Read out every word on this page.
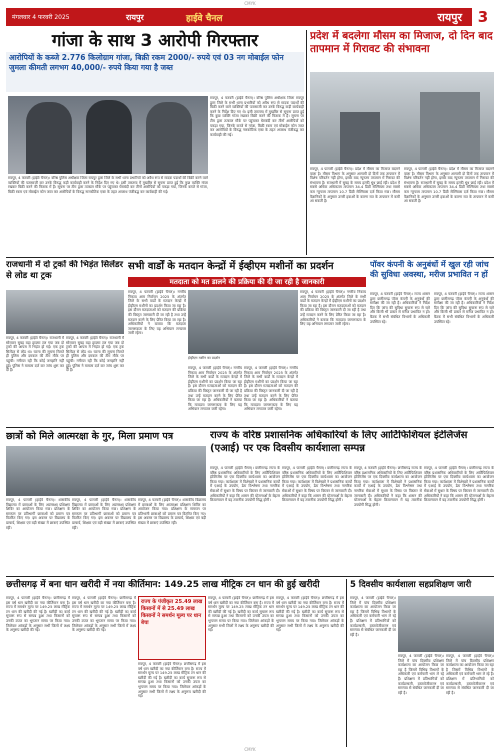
CMYK
मंगलवार 4 फरवरी 2025	रायपुर	हाईवे चैनल	रायपुर	3
गांजा के साथ 3 आरोपी गिरफ्तार
आरोपियों के कब्जे 2.776 किलोग्राम गांजा, बिक्री रकम 2000/- रुपये एवं 03 नग मोबाईल फोन जुमला कीमती लगभग 40,000/- रुपये किया गया है जब्त
रायपुर, 4 फरवरी (हाईवे चैनल)। वरिष्ठ पुलिस अधीक्षक जिला रायपुर द्वारा जिले के सभी थाना प्रभारियों को अवैध रूप से मादक पदार्थों की बिक्री करने वाले व्यक्तियों की पतासाजी कर उनके विरुद्ध कड़ी कार्यवाही करने के निर्देश दिए गए थे। इसी तारतम्य में मुखबिर से सूचना प्राप्त हुई कि कुछ व्यक्ति गांजा रखकर बिक्री करने की फिराक में हैं। सूचना पर टीम द्वारा तत्काल मौके पर पहुंचकर घेराबंदी कर तीनों आरोपियों को पकड़ा गया, जिनके कब्जे से गांजा, बिक्री रकम एवं मोबाईल फोन जब्त कर आरोपियों के विरुद्ध नारकोटिक एक्ट के तहत अपराध पंजीबद्ध कर कार्यवाही की गई।
रायपुर, 4 फरवरी (हाईवे चैनल)। वरिष्ठ पुलिस अधीक्षक जिला रायपुर द्वारा जिले के सभी थाना प्रभारियों को अवैध रूप से मादक पदार्थों की बिक्री करने वाले व्यक्तियों की पतासाजी कर उनके विरुद्ध कड़ी कार्यवाही करने के निर्देश दिए गए थे। इसी तारतम्य में मुखबिर से सूचना प्राप्त हुई कि कुछ व्यक्ति गांजा रखकर बिक्री करने की फिराक में हैं। सूचना पर टीम द्वारा तत्काल मौके पर पहुंचकर घेराबंदी कर तीनों आरोपियों को पकड़ा गया, जिनके कब्जे से गांजा, बिक्री रकम एवं मोबाईल फोन जब्त कर आरोपियों के विरुद्ध नारकोटिक एक्ट के तहत अपराध पंजीबद्ध कर कार्यवाही की गई।
प्रदेश में बदलेगा मौसम का मिजाज, दो दिन बाद तापमान में गिरावट की संभावना
रायपुर, 4 फरवरी (हाईवे चैनल)। प्रदेश में मौसम का मिजाज बदलने वाला है। मौसम विभाग के अनुसार आगामी दो दिनों तक तापमान में विशेष परिवर्तन नहीं होगा, इसके बाद न्यूनतम तापमान में गिरावट की संभावना है। राजधानी में सुबह के समय हल्की धुंध छाई रही। प्रदेश में सबसे अधिक अधिकतम तापमान 34.4 डिग्री सेल्सियस तथा सबसे कम न्यूनतम तापमान 10.7 डिग्री सेल्सियस दर्ज किया गया। मौसम वैज्ञानिकों के अनुसार उत्तरी हवाओं के कारण रात के तापमान में कमी आ सकती है।
रायपुर, 4 फरवरी (हाईवे चैनल)। प्रदेश में मौसम का मिजाज बदलने वाला है। मौसम विभाग के अनुसार आगामी दो दिनों तक तापमान में विशेष परिवर्तन नहीं होगा, इसके बाद न्यूनतम तापमान में गिरावट की संभावना है। राजधानी में सुबह के समय हल्की धुंध छाई रही। प्रदेश में सबसे अधिक अधिकतम तापमान 34.4 डिग्री सेल्सियस तथा सबसे कम न्यूनतम तापमान 10.7 डिग्री सेल्सियस दर्ज किया गया। मौसम वैज्ञानिकों के अनुसार उत्तरी हवाओं के कारण रात के तापमान में कमी आ सकती है।
राजधानी में दो ट्रकों की भिड़ंत सिलेंडर से लोड था ट्रक
रायपुर, 4 फरवरी (हाईवे चैनल)। राजधानी में सोमवार सुबह बड़ा हादसा टल गया जब दो ट्रकों की आपस में भिड़ंत हो गई। एक ट्रक सिलेंडर से लोड था। घटना की सूचना मिलते ही पुलिस और दमकल की टीम मौके पर पहुंची। गनीमत रही कि कोई जनहानि नहीं हुई। पुलिस ने मामला दर्ज कर जांच शुरू कर दी है।
रायपुर, 4 फरवरी (हाईवे चैनल)। राजधानी में सोमवार सुबह बड़ा हादसा टल गया जब दो ट्रकों की आपस में भिड़ंत हो गई। एक ट्रक सिलेंडर से लोड था। घटना की सूचना मिलते ही पुलिस और दमकल की टीम मौके पर पहुंची। गनीमत रही कि कोई जनहानि नहीं हुई। पुलिस ने मामला दर्ज कर जांच शुरू कर दी है।
सभी वार्डों के मतदान केन्द्रों में ईव्हीएम मशीनों का प्रदर्शन
मतदाता को मत डालने की प्रक्रिया की दी जा रही है जानकारी
रायपुर, 4 फरवरी (हाईवे चैनल)। नगरीय निकाय आम निर्वाचन 2025 के अंतर्गत जिले के सभी वार्डों के मतदान केन्द्रों में ईव्हीएम मशीनों का प्रदर्शन किया जा रहा है। इस दौरान मतदाताओं को मतदान की प्रक्रिया की विस्तृत जानकारी दी जा रही है तथा उन्हें मतदान करने के लिए प्रेरित किया जा रहा है। अधिकारियों ने बताया कि मतदाता जागरूकता के लिए यह अभियान लगातार जारी रहेगा।
ईव्हीएम मशीन का प्रदर्शन
रायपुर, 4 फरवरी (हाईवे चैनल)। नगरीय निकाय आम निर्वाचन 2025 के अंतर्गत जिले के सभी वार्डों के मतदान केन्द्रों में ईव्हीएम मशीनों का प्रदर्शन किया जा रहा है। इस दौरान मतदाताओं को मतदान की प्रक्रिया की विस्तृत जानकारी दी जा रही है तथा उन्हें मतदान करने के लिए प्रेरित किया जा रहा है। अधिकारियों ने बताया कि मतदाता जागरूकता के लिए यह अभियान लगातार जारी रहेगा।
रायपुर, 4 फरवरी (हाईवे चैनल)। नगरीय निकाय आम निर्वाचन 2025 के अंतर्गत जिले के सभी वार्डों के मतदान केन्द्रों में ईव्हीएम मशीनों का प्रदर्शन किया जा रहा है। इस दौरान मतदाताओं को मतदान की प्रक्रिया की विस्तृत जानकारी दी जा रही है तथा उन्हें मतदान करने के लिए प्रेरित किया जा रहा है। अधिकारियों ने बताया कि मतदाता जागरूकता के लिए यह अभियान लगातार जारी रहेगा।
रायपुर, 4 फरवरी (हाईवे चैनल)। नगरीय निकाय आम निर्वाचन 2025 के अंतर्गत जिले के सभी वार्डों के मतदान केन्द्रों में ईव्हीएम मशीनों का प्रदर्शन किया जा रहा है। इस दौरान मतदाताओं को मतदान की प्रक्रिया की विस्तृत जानकारी दी जा रही है तथा उन्हें मतदान करने के लिए प्रेरित किया जा रहा है। अधिकारियों ने बताया कि मतदाता जागरूकता के लिए यह अभियान लगातार जारी रहेगा।
पॉवर कंपनी के अनुबंधों में खुल रही जांच की सुविधा अवस्था, मरीज प्रभावित न हों
रायपुर, 4 फरवरी (हाईवे चैनल)। राज्य शासन द्वारा छत्तीसगढ़ पॉवर कंपनी के अनुबंधों की समीक्षा की जा रही है। अधिकारियों ने निर्देश दिए कि जांच की सुविधा सुचारू रूप से चले और किसी भी प्रकार से मरीज प्रभावित न हों। बैठक में सभी संबंधित विभागों के अधिकारी उपस्थित रहे।
रायपुर, 4 फरवरी (हाईवे चैनल)। राज्य शासन द्वारा छत्तीसगढ़ पॉवर कंपनी के अनुबंधों की समीक्षा की जा रही है। अधिकारियों ने निर्देश दिए कि जांच की सुविधा सुचारू रूप से चले और किसी भी प्रकार से मरीज प्रभावित न हों। बैठक में सभी संबंधित विभागों के अधिकारी उपस्थित रहे।
छात्रों को मिले आत्मरक्षा के गुर, मिला प्रमाण पत्र
रायपुर, 4 फरवरी (हाईवे चैनल)। शासकीय विद्यालय में छात्राओं के लिए आत्मरक्षा प्रशिक्षण शिविर का आयोजन किया गया। प्रशिक्षण के समापन पर प्रतिभागी छात्राओं को प्रमाण पत्र वितरित किए गए। इस अवसर पर विद्यालय के प्राचार्य, शिक्षक एवं बड़ी संख्या में छात्राएं उपस्थित रहीं।
रायपुर, 4 फरवरी (हाईवे चैनल)। शासकीय विद्यालय में छात्राओं के लिए आत्मरक्षा प्रशिक्षण शिविर का आयोजन किया गया। प्रशिक्षण के समापन पर प्रतिभागी छात्राओं को प्रमाण पत्र वितरित किए गए। इस अवसर पर विद्यालय के प्राचार्य, शिक्षक एवं बड़ी संख्या में छात्राएं उपस्थित रहीं।
रायपुर, 4 फरवरी (हाईवे चैनल)। शासकीय विद्यालय में छात्राओं के लिए आत्मरक्षा प्रशिक्षण शिविर का आयोजन किया गया। प्रशिक्षण के समापन पर प्रतिभागी छात्राओं को प्रमाण पत्र वितरित किए गए। इस अवसर पर विद्यालय के प्राचार्य, शिक्षक एवं बड़ी संख्या में छात्राएं उपस्थित रहीं।
राज्य के वरिष्ठ प्रशासनिक अधिकारियों के लिए आर्टिफिशियल इंटेलिजेंस (एआई) पर एक दिवसीय कार्यशाला सम्पन्न
रायपुर, 4 फरवरी (हाईवे चैनल)। छत्तीसगढ़ राज्य के वरिष्ठ प्रशासनिक अधिकारियों के लिए आर्टिफिशियल इंटेलिजेंस पर एक दिवसीय कार्यशाला का आयोजन किया गया। कार्यशाला में विशेषज्ञों ने प्रशासनिक कार्यों में एआई के उपयोग, डेटा विश्लेषण तथा नागरिक सेवाओं में सुधार के विषय पर विस्तार से जानकारी दी। अधिकारियों ने कहा कि शासन की योजनाओं के बेहतर क्रियान्वयन में यह तकनीक उपयोगी सिद्ध होगी।
रायपुर, 4 फरवरी (हाईवे चैनल)। छत्तीसगढ़ राज्य के वरिष्ठ प्रशासनिक अधिकारियों के लिए आर्टिफिशियल इंटेलिजेंस पर एक दिवसीय कार्यशाला का आयोजन किया गया। कार्यशाला में विशेषज्ञों ने प्रशासनिक कार्यों में एआई के उपयोग, डेटा विश्लेषण तथा नागरिक सेवाओं में सुधार के विषय पर विस्तार से जानकारी दी। अधिकारियों ने कहा कि शासन की योजनाओं के बेहतर क्रियान्वयन में यह तकनीक उपयोगी सिद्ध होगी।
रायपुर, 4 फरवरी (हाईवे चैनल)। छत्तीसगढ़ राज्य के वरिष्ठ प्रशासनिक अधिकारियों के लिए आर्टिफिशियल इंटेलिजेंस पर एक दिवसीय कार्यशाला का आयोजन किया गया। कार्यशाला में विशेषज्ञों ने प्रशासनिक कार्यों में एआई के उपयोग, डेटा विश्लेषण तथा नागरिक सेवाओं में सुधार के विषय पर विस्तार से जानकारी दी। अधिकारियों ने कहा कि शासन की योजनाओं के बेहतर क्रियान्वयन में यह तकनीक उपयोगी सिद्ध होगी।
रायपुर, 4 फरवरी (हाईवे चैनल)। छत्तीसगढ़ राज्य के वरिष्ठ प्रशासनिक अधिकारियों के लिए आर्टिफिशियल इंटेलिजेंस पर एक दिवसीय कार्यशाला का आयोजन किया गया। कार्यशाला में विशेषज्ञों ने प्रशासनिक कार्यों में एआई के उपयोग, डेटा विश्लेषण तथा नागरिक सेवाओं में सुधार के विषय पर विस्तार से जानकारी दी। अधिकारियों ने कहा कि शासन की योजनाओं के बेहतर क्रियान्वयन में यह तकनीक उपयोगी सिद्ध होगी।
छत्तीसगढ़ में बना धान खरीदी में नया कीर्तिमान: 149.25 लाख मीट्रिक टन धान की हुई खरीदी
रायपुर, 4 फरवरी (हाईवे चैनल)। छत्तीसगढ़ में इस वर्ष धान खरीदी का नया कीर्तिमान बना है। राज्य में समर्थन मूल्य पर 149.25 लाख मीट्रिक टन धान की खरीदी की गई है। खरीदी का कार्य सुचारू रूप से सम्पन्न हुआ तथा किसानों को उनकी उपज का भुगतान समय पर किया गया। जिलेवार आंकड़ों के अनुसार सभी जिलों में लक्ष्य के अनुरूप खरीदी की गई।
रायपुर, 4 फरवरी (हाईवे चैनल)। छत्तीसगढ़ में इस वर्ष धान खरीदी का नया कीर्तिमान बना है। राज्य में समर्थन मूल्य पर 149.25 लाख मीट्रिक टन धान की खरीदी की गई है। खरीदी का कार्य सुचारू रूप से सम्पन्न हुआ तथा किसानों को उनकी उपज का भुगतान समय पर किया गया। जिलेवार आंकड़ों के अनुसार सभी जिलों में लक्ष्य के अनुरूप खरीदी की गई।
राज्य के पंजीकृत 25.49 लाख किसानों में से 25.49 लाख किसानों ने समर्थन मूल्य पर धान बेचा
रायपुर, 4 फरवरी (हाईवे चैनल)। छत्तीसगढ़ में इस वर्ष धान खरीदी का नया कीर्तिमान बना है। राज्य में समर्थन मूल्य पर 149.25 लाख मीट्रिक टन धान की खरीदी की गई है। खरीदी का कार्य सुचारू रूप से सम्पन्न हुआ तथा किसानों को उनकी उपज का भुगतान समय पर किया गया। जिलेवार आंकड़ों के अनुसार सभी जिलों में लक्ष्य के अनुरूप खरीदी की गई।
रायपुर, 4 फरवरी (हाईवे चैनल)। छत्तीसगढ़ में इस वर्ष धान खरीदी का नया कीर्तिमान बना है। राज्य में समर्थन मूल्य पर 149.25 लाख मीट्रिक टन धान की खरीदी की गई है। खरीदी का कार्य सुचारू रूप से सम्पन्न हुआ तथा किसानों को उनकी उपज का भुगतान समय पर किया गया। जिलेवार आंकड़ों के अनुसार सभी जिलों में लक्ष्य के अनुरूप खरीदी की गई।
रायपुर, 4 फरवरी (हाईवे चैनल)। छत्तीसगढ़ में इस वर्ष धान खरीदी का नया कीर्तिमान बना है। राज्य में समर्थन मूल्य पर 149.25 लाख मीट्रिक टन धान की खरीदी की गई है। खरीदी का कार्य सुचारू रूप से सम्पन्न हुआ तथा किसानों को उनकी उपज का भुगतान समय पर किया गया। जिलेवार आंकड़ों के अनुसार सभी जिलों में लक्ष्य के अनुरूप खरीदी की गई।
5 दिवसीय कार्यशाला सहप्रशिक्षण जारी
रायपुर, 4 फरवरी (हाईवे चैनल)। जिले में पांच दिवसीय प्रशिक्षण कार्यशाला का आयोजन किया जा रहा है जिसमें विभिन्न विभागों के अधिकारी एवं कर्मचारी भाग ले रहे हैं। प्रशिक्षण में प्रतिभागियों को कार्यप्रणाली, दस्तावेजीकरण एवं समन्वय से संबंधित जानकारी दी जा रही है।
रायपुर, 4 फरवरी (हाईवे चैनल)। जिले में पांच दिवसीय प्रशिक्षण कार्यशाला का आयोजन किया जा रहा है जिसमें विभिन्न विभागों के अधिकारी एवं कर्मचारी भाग ले रहे हैं। प्रशिक्षण में प्रतिभागियों को कार्यप्रणाली, दस्तावेजीकरण एवं समन्वय से संबंधित जानकारी दी जा रही है।
रायपुर, 4 फरवरी (हाईवे चैनल)। जिले में पांच दिवसीय प्रशिक्षण कार्यशाला का आयोजन किया जा रहा है जिसमें विभिन्न विभागों के अधिकारी एवं कर्मचारी भाग ले रहे हैं। प्रशिक्षण में प्रतिभागियों को कार्यप्रणाली, दस्तावेजीकरण एवं समन्वय से संबंधित जानकारी दी जा रही है।
CMYK
